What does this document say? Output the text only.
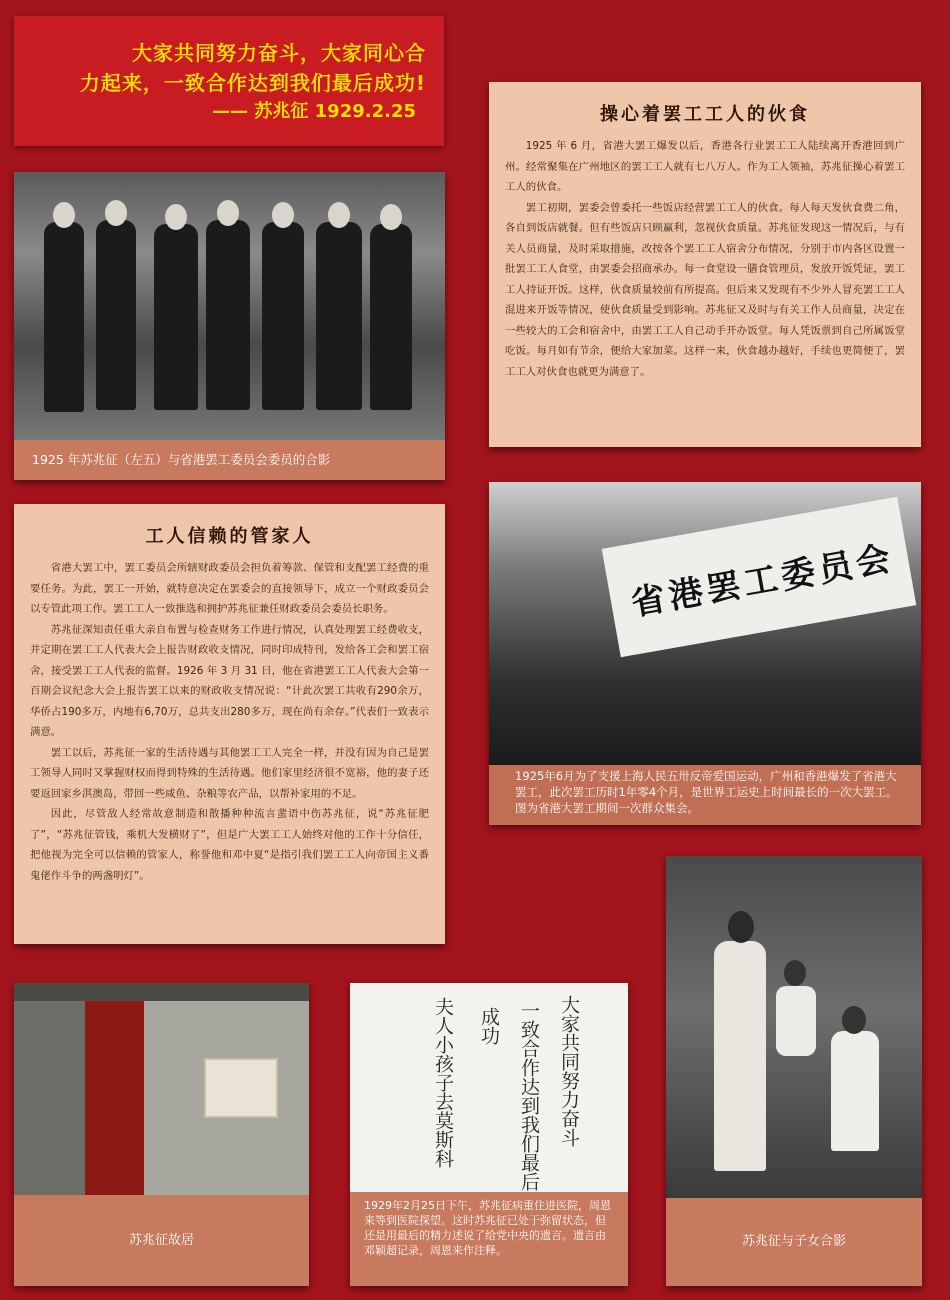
大家共同努力奋斗，大家同心合
力起来，一致合作达到我们最后成功!
—— 苏兆征 1929.2.25
1925 年苏兆征（左五）与省港罢工委员会委员的合影
操心着罢工工人的伙食

1925 年 6 月，省港大罢工爆发以后，香港各行业罢工工人陆续离开香港回到广州。经常聚集在广州地区的罢工工人就有七八万人。作为工人领袖，苏兆征操心着罢工工人的伙食。

罢工初期，罢委会曾委托一些饭店经营罢工工人的伙食。每人每天发伙食费二角，各自到饭店就餐。但有些饭店只顾赢利，忽视伙食质量。苏兆征发现这一情况后，与有关人员商量，及时采取措施，改按各个罢工工人宿舍分布情况，分别于市内各区设置一批罢工工人食堂，由罢委会招商承办。每一食堂设一膳食管理员，发放开饭凭证，罢工工人持证开饭。这样，伙食质量较前有所提高。但后来又发现有不少外人冒充罢工工人混进来开饭等情况，使伙食质量受到影响。苏兆征又及时与有关工作人员商量，决定在一些较大的工会和宿舍中，由罢工工人自己动手开办饭堂。每人凭饭票到自己所属饭堂吃饭。每月如有节余，便给大家加菜。这样一来，伙食越办越好，手续也更简便了，罢工工人对伙食也就更为满意了。

工人信赖的管家人

省港大罢工中，罢工委员会所辖财政委员会担负着筹款、保管和支配罢工经费的重要任务。为此，罢工一开始，就特意决定在罢委会的直接领导下，成立一个财政委员会以专管此项工作。罢工工人一致推选和拥护苏兆征兼任财政委员会委员长职务。

苏兆征深知责任重大亲自布置与检查财务工作进行情况，认真处理罢工经费收支，并定期在罢工工人代表大会上报告财政收支情况，同时印成特刊，发给各工会和罢工宿舍，接受罢工工人代表的监督。1926 年 3 月 31 日，他在省港罢工工人代表大会第一百期会议纪念大会上报告罢工以来的财政收支情况说：“计此次罢工共收有290余万，华侨占190多万，内地有6,70万，总共支出280多万，现在尚有余存。”代表们一致表示满意。

罢工以后，苏兆征一家的生活待遇与其他罢工工人完全一样，并没有因为自己是罢工领导人同时又掌握财权而得到特殊的生活待遇。他们家里经济很不宽裕，他的妻子还要返回家乡淇澳岛，带回一些咸鱼、杂粮等农产品，以帮补家用的不足。

因此，尽管敌人经常故意制造和散播种种流言蜚语中伤苏兆征，说“苏兆征肥了”，“苏兆征管钱，乘机大发横财了”，但是广大罢工工人始终对他的工作十分信任，把他视为完全可以信赖的管家人，称誉他和邓中夏“是指引我们罢工工人向帝国主义番鬼佬作斗争的两盏明灯”。

省港罢工委员会
1925年6月为了支援上海人民五卅反帝爱国运动，广州和香港爆发了省港大罢工，此次罢工历时1年零4个月，是世界工运史上时间最长的一次大罢工。图为省港大罢工期间一次群众集会。
苏兆征故居
大家共同努力奋斗
一致合作达到我们最后
成功
夫人小孩子去莫斯科
1929年2月25日下午，苏兆征病重住进医院，周恩来等到医院探望。这时苏兆征已处于弥留状态，但还是用最后的精力述说了给党中央的遗言。遗言由邓颖超记录，周恩来作注释。
苏兆征与子女合影
